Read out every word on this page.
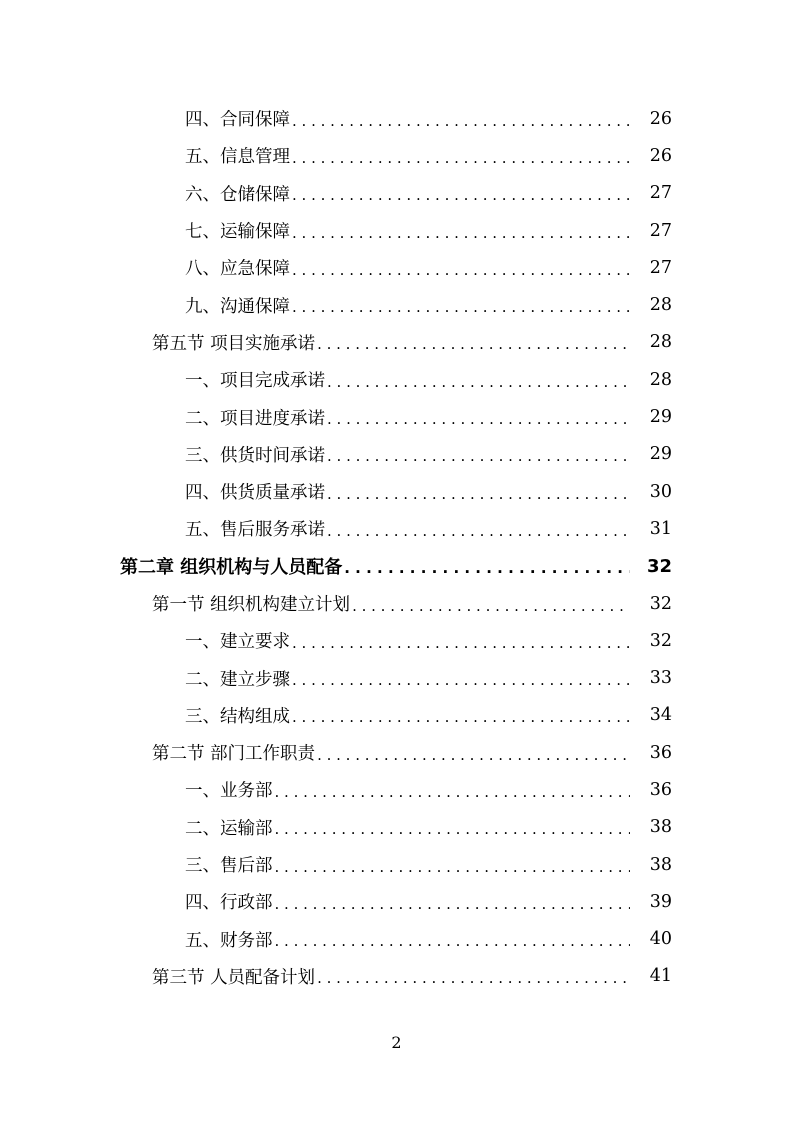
四、合同保障 . . .	26
五、信息管理 . . .	26
六、仓储保障 . . .	27
七、运输保障 . . .	27
八、应急保障 . . .	27
九、沟通保障 . . .	28
第五节 项目实施承诺 . . .	28
一、项目完成承诺 . . .	28
二、项目进度承诺 . . .	29
三、供货时间承诺 . . .	29
四、供货质量承诺 . . .	30
五、售后服务承诺 . . .	31
第二章 组织机构与人员配备 . . .	32
第一节 组织机构建立计划 . . .	32
一、建立要求 . . .	32
二、建立步骤 . . .	33
三、结构组成 . . .	34
第二节 部门工作职责 . . .	36
一、业务部 . . .	36
二、运输部 . . .	38
三、售后部 . . .	38
四、行政部 . . .	39
五、财务部 . . .	40
第三节 人员配备计划 . . .	41
2
